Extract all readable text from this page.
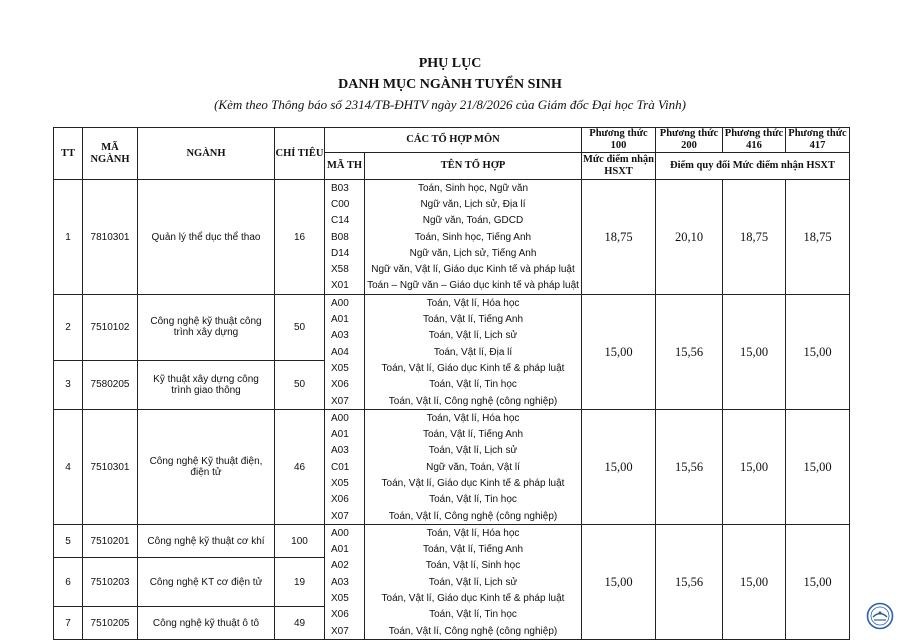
PHỤ LỤC
DANH MỤC NGÀNH TUYỂN SINH
(Kèm theo Thông báo số 2314/TB-ĐHTV ngày 21/8/2026 của Giám đốc Đại học Trà Vinh)
TT	MÃ NGÀNH	NGÀNH	CHỈ TIÊU	CÁC TỔ HỢP MÔN		Phương thức 100	Phương thức 200	Phương thức 416	Phương thức 417
				MÃ TH	TÊN TỔ HỢP	Mức điểm nhận HSXT	Điểm quy đổi Mức điểm nhận HSXT		
1	7810301	Quản lý thể dục thể thao	16	B03	Toán, Sinh học, Ngữ văn	18,75	20,10	18,75	18,75
				C00	Ngữ văn, Lịch sử, Địa lí				
				C14	Ngữ văn, Toán, GDCD				
				B08	Toán, Sinh học, Tiếng Anh				
				D14	Ngữ văn, Lịch sử, Tiếng Anh				
				X58	Ngữ văn, Vật lí, Giáo dục Kinh tế và pháp luật				
				X01	Toán – Ngữ văn – Giáo dục kinh tế và pháp luật				
2	7510102	Công nghệ kỹ thuật công trình xây dựng	50	A00	Toán, Vật lí, Hóa học	15,00	15,56	15,00	15,00
				A01	Toán, Vật lí, Tiếng Anh				
				A03	Toán, Vật lí, Lịch sử				
				A04	Toán, Vật lí, Địa lí				
3	7580205	Kỹ thuật xây dựng công trình giao thông	50	X05	Toán, Vật lí, Giáo dục Kinh tế & pháp luật				
				X06	Toán, Vật lí, Tin học				
				X07	Toán, Vật lí, Công nghệ (công nghiệp)				
4	7510301	Công nghệ Kỹ thuật điện, điện tử	46	A00	Toán, Vật lí, Hóa học	15,00	15,56	15,00	15,00
				A01	Toán, Vật lí, Tiếng Anh				
				A03	Toán, Vật lí, Lịch sử				
				C01	Ngữ văn, Toán, Vật lí				
				X05	Toán, Vật lí, Giáo dục Kinh tế & pháp luật				
				X06	Toán, Vật lí, Tin học				
				X07	Toán, Vật lí, Công nghệ (công nghiệp)				
5	7510201	Công nghệ kỹ thuật cơ khí	100	A00	Toán, Vật lí, Hóa học	15,00	15,56	15,00	15,00
				A01	Toán, Vật lí, Tiếng Anh				
6	7510203	Công nghệ KT cơ điện tử	19	A02	Toán, Vật lí, Sinh học				
				A03	Toán, Vật lí, Lịch sử				
				X05	Toán, Vật lí, Giáo dục Kinh tế & pháp luật				
7	7510205	Công nghệ kỹ thuật ô tô	49	X06	Toán, Vật lí, Tin học				
				X07	Toán, Vật lí, Công nghệ (công nghiệp)				
